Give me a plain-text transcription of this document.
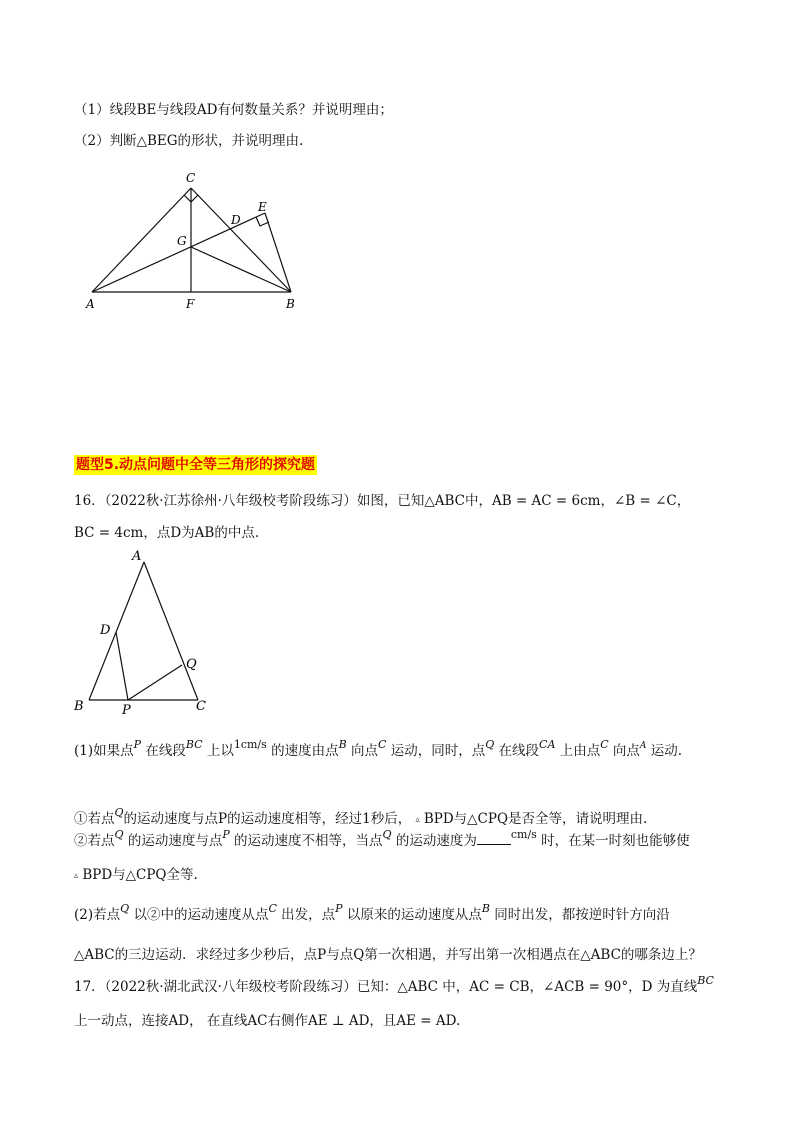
（1）线段BE与线段AD有何数量关系？并说明理由；
（2）判断△BEG的形状，并说明理由.
C
E
D
G
A	F	B
题型5.动点问题中全等三角形的探究题
16．（2022秋·江苏徐州·八年级校考阶段练习）如图，已知△ABC中，AB = AC = 6cm，∠B = ∠C，
BC = 4cm，点D为AB的中点.
A
D
Q
B	P	C
(1)如果点$^P$ 在线段$^{BC}$ 上以$^{1cm/s}$ 的速度由点$^B$ 向点$^C$ 运动，同时，点$^Q$ 在线段$^{CA}$ 上由点$^C$ 向点$^A$ 运动.
①若点$^Q$的运动速度与点P的运动速度相等，经过1秒后， ▵ BPD与△CPQ是否全等，请说明理由.
②若点$^Q$ 的运动速度与点$^P$ 的运动速度不相等，当点$^Q$ 的运动速度为	$^{cm/s}$ 时，在某一时刻也能够使
▵ BPD与△CPQ全等.
(2)若点$^Q$ 以②中的运动速度从点$^C$ 出发，点$^P$ 以原来的运动速度从点$^B$ 同时出发，都按逆时针方向沿
△ABC的三边运动．求经过多少秒后，点P与点Q第一次相遇，并写出第一次相遇点在△ABC的哪条边上？
17．（2022秋·湖北武汉·八年级校考阶段练习）已知：△ABC 中，AC = CB，∠ACB = 90°，D 为直线$^{BC}$
上一动点，连接AD， 在直线AC右侧作AE ⊥ AD，且AE = AD.
